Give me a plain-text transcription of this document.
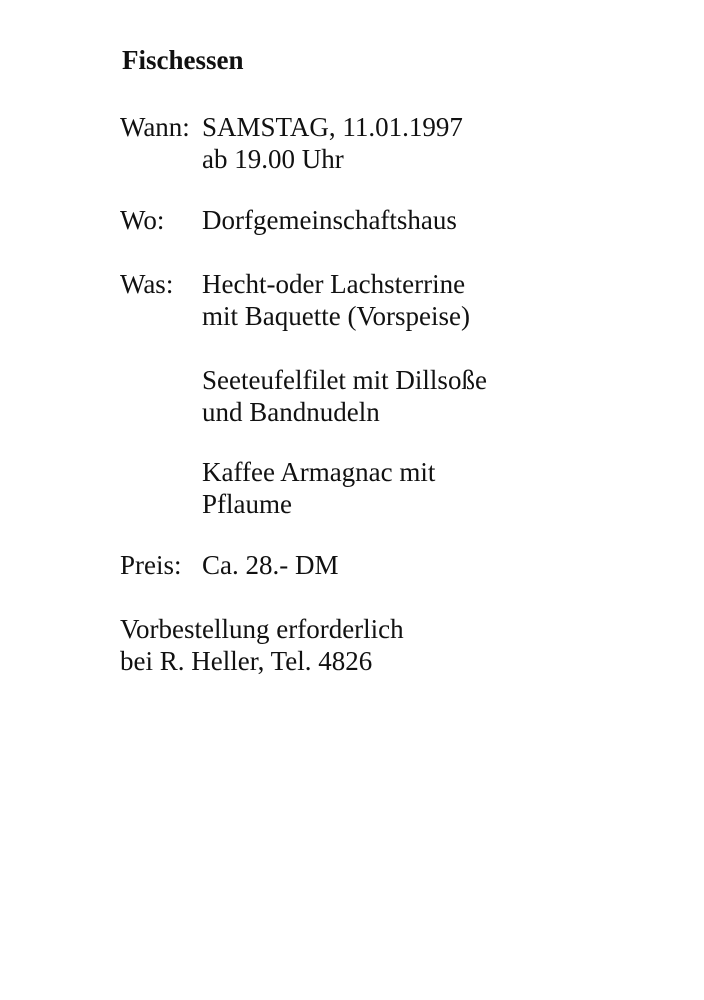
Fischessen
Wann: SAMSTAG, 11.01.1997
ab 19.00 Uhr
Wo: Dorfgemeinschaftshaus
Was: Hecht-oder Lachsterrine
mit Baquette (Vorspeise)
Seeteufelfilet mit Dillsoße
und Bandnudeln
Kaffee Armagnac mit
Pflaume
Preis: Ca. 28.- DM
Vorbestellung erforderlich
bei R. Heller, Tel. 4826
